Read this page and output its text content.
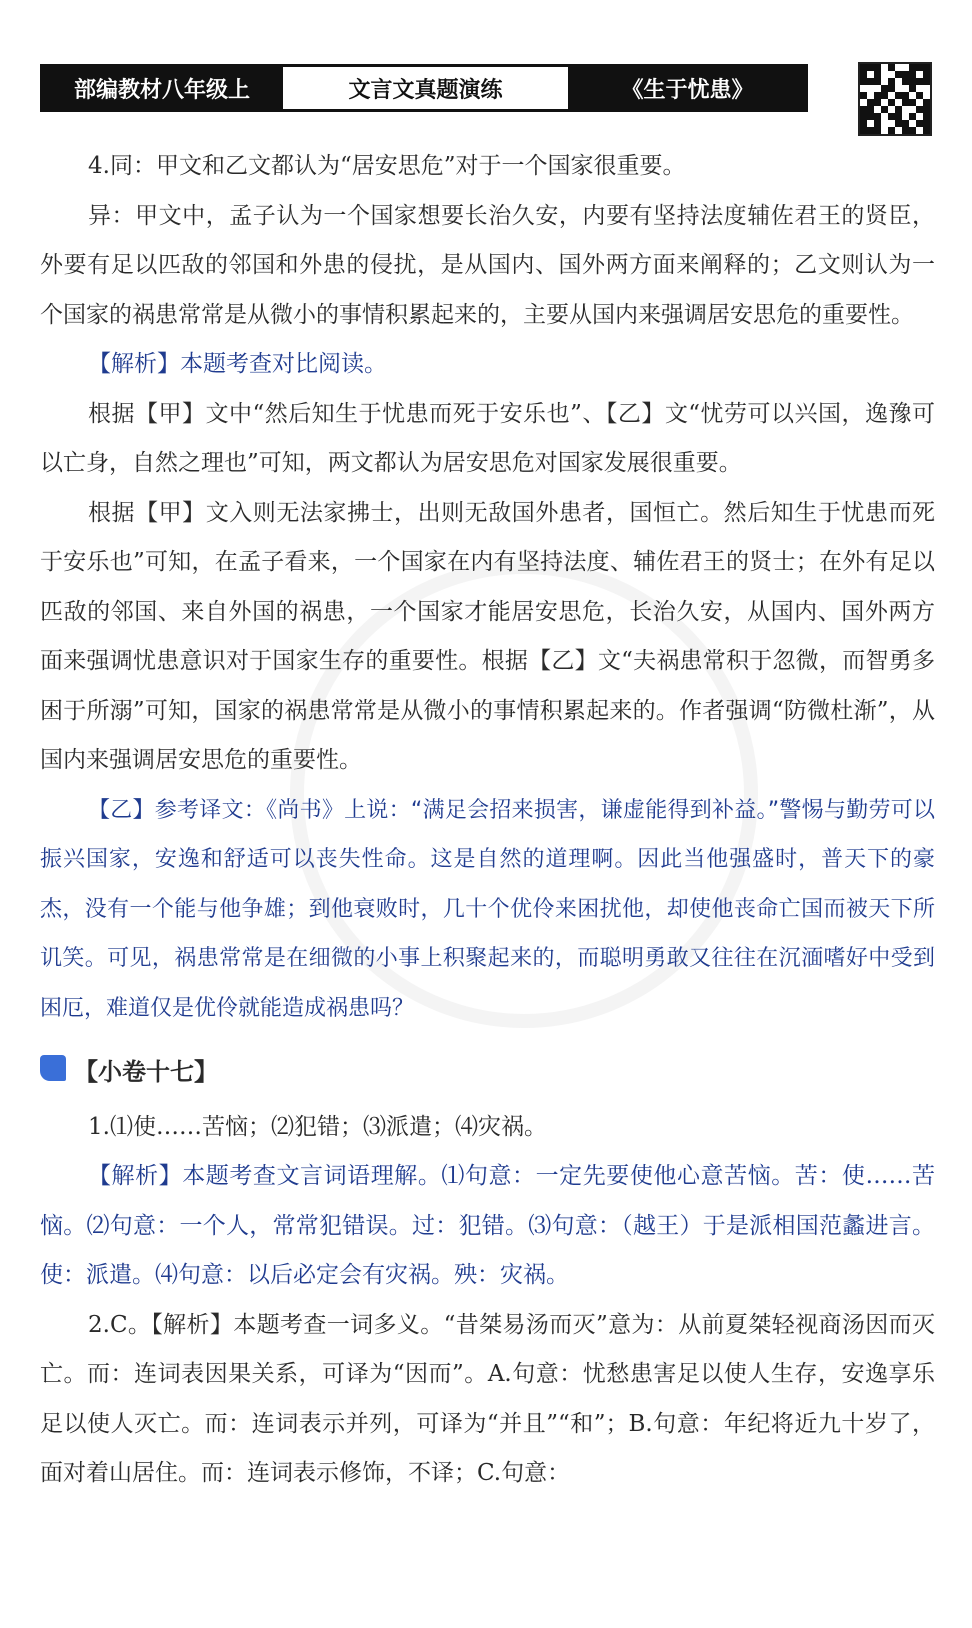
部编教材八年级上	文言文真题演练	《生于忧患》

4.同：甲文和乙文都认为“居安思危”对于一个国家很重要。

异：甲文中，孟子认为一个国家想要长治久安，内要有坚持法度辅佐君王的贤臣，外要有足以匹敌的邻国和外患的侵扰，是从国内、国外两方面来阐释的；乙文则认为一个国家的祸患常常是从微小的事情积累起来的，主要从国内来强调居安思危的重要性。

【解析】本题考查对比阅读。

根据【甲】文中“然后知生于忧患而死于安乐也”、【乙】文“忧劳可以兴国，逸豫可以亡身，自然之理也”可知，两文都认为居安思危对国家发展很重要。

根据【甲】文入则无法家拂士，出则无敌国外患者，国恒亡。然后知生于忧患而死于安乐也”可知，在孟子看来，一个国家在内有坚持法度、辅佐君王的贤士；在外有足以匹敌的邻国、来自外国的祸患，一个国家才能居安思危，长治久安，从国内、国外两方面来强调忧患意识对于国家生存的重要性。根据【乙】文“夫祸患常积于忽微，而智勇多困于所溺”可知，国家的祸患常常是从微小的事情积累起来的。作者强调“防微杜渐”，从国内来强调居安思危的重要性。

【乙】参考译文：《尚书》上说：“满足会招来损害，谦虚能得到补益。”警惕与勤劳可以振兴国家，安逸和舒适可以丧失性命。这是自然的道理啊。因此当他强盛时，普天下的豪杰，没有一个能与他争雄；到他衰败时，几十个优伶来困扰他，却使他丧命亡国而被天下所讥笑。可见，祸患常常是在细微的小事上积聚起来的，而聪明勇敢又往往在沉湎嗜好中受到困厄，难道仅是优伶就能造成祸患吗？

【小卷十七】

1.⑴使……苦恼；⑵犯错；⑶派遣；⑷灾祸。

【解析】本题考查文言词语理解。⑴句意：一定先要使他心意苦恼。苦：使……苦恼。⑵句意：一个人，常常犯错误。过：犯错。⑶句意：（越王）于是派相国范蠡进言。使：派遣。⑷句意：以后必定会有灾祸。殃：灾祸。

2.C。【解析】本题考查一词多义。“昔桀易汤而灭”意为：从前夏桀轻视商汤因而灭亡。而：连词表因果关系，可译为“因而”。A.句意：忧愁患害足以使人生存，安逸享乐足以使人灭亡。而：连词表示并列，可译为“并且”“和”；B.句意：年纪将近九十岁了，面对着山居住。而：连词表示修饰，不译；C.句意：
